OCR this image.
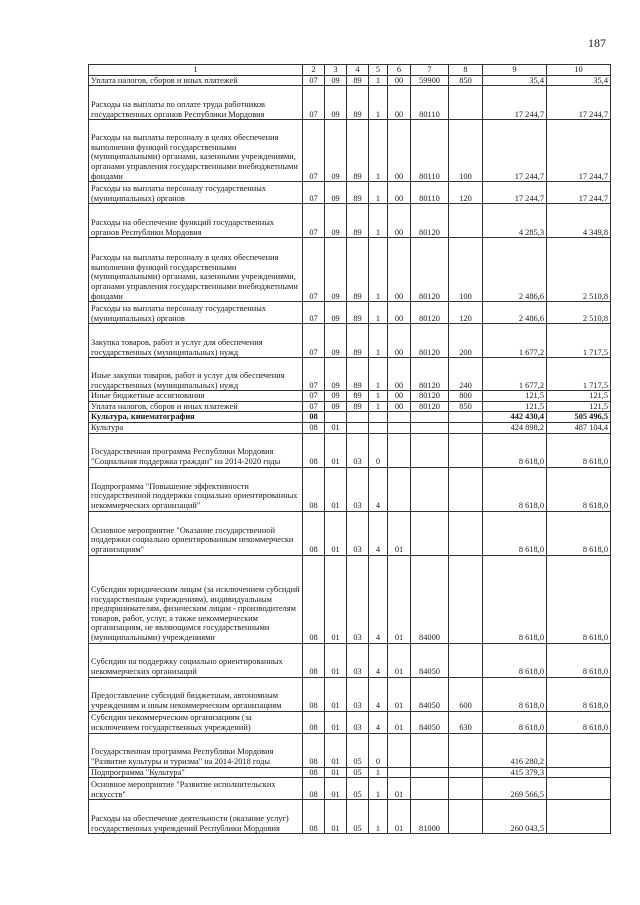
187
1	2	3	4	5	6	7	8	9	10
Уплата налогов, сборов и иных платежей	07	09	89	1	00	59900	850	35,4	35,4
Расходы на выплаты по оплате труда работников государственных органов Республики Мордовия	07	09	89	1	00	80110		17 244,7	17 244,7
Расходы на выплаты персоналу в целях обеспечения выполнения функций государственными (муниципальными) органами, казенными учреждениями, органами управления государственными внебюджетными фондами	07	09	89	1	00	80110	100	17 244,7	17 244,7
Расходы на выплаты персоналу государственных (муниципальных) органов	07	09	89	1	00	80110	120	17 244,7	17 244,7
Расходы на обеспечение функций государственных органов Республики Мордовия	07	09	89	1	00	80120		4 285,3	4 349,8
Расходы на выплаты персоналу в целях обеспечения выполнения функций государственными (муниципальными) органами, казенными учреждениями, органами управления государственными внебюджетными фондами	07	09	89	1	00	80120	100	2 486,6	2 510,8
Расходы на выплаты персоналу государственных (муниципальных) органов	07	09	89	1	00	80120	120	2 486,6	2 510,8
Закупка товаров, работ и услуг для обеспечения государственных (муниципальных) нужд	07	09	89	1	00	80120	200	1 677,2	1 717,5
Иные закупки товаров, работ и услуг для обеспечения государственных (муниципальных) нужд	07	09	89	1	00	80120	240	1 677,2	1 717,5
Иные бюджетные ассигнования	07	09	89	1	00	80120	800	121,5	121,5
Уплата налогов, сборов и иных платежей	07	09	89	1	00	80120	850	121,5	121,5
Культура, кинематография	08							442 430,4	505 496,5
Культура	08	01						424 898,2	487 104,4
Государственная программа Республики Мордовия "Социальная поддержка граждан" на 2014-2020 годы	08	01	03	0				8 618,0	8 618,0
Подпрограмма "Повышение эффективности государственной поддержки социально ориентированных некоммерческих организаций"	08	01	03	4				8 618,0	8 618,0
Основное мероприятие "Оказание государственной поддержки социально ориентированным некоммерчески организациям"	08	01	03	4	01			8 618,0	8 618,0
Субсидии юридическим лицам (за исключением субсидий государственным учреждениям), индивидуальным предпринимателям, физическим лицам - производителям товаров, работ, услуг, а также некоммерческим организациям, не являющимся государственными (муниципальными) учреждениями	08	01	03	4	01	84000		8 618,0	8 618,0
Субсидии на поддержку социально ориентированных некоммерческих организаций	08	01	03	4	01	84050		8 618,0	8 618,0
Предоставление субсидий бюджетным, автономным учреждениям и иным некоммерческим организациям	08	01	03	4	01	84050	600	8 618,0	8 618,0
Субсидии некоммерческим организациям (за исключением государственных учреждений)	08	01	03	4	01	84050	630	8 618,0	8 618,0
Государственная программа Республики Мордовия "Развитие культуры и туризма" на 2014-2018 годы	08	01	05	0				416 280,2	
Подпрограмма "Культура"	08	01	05	1				415 379,3	
Основное мероприятие "Развитие исполнительских искусств"	08	01	05	1	01			269 566,5	
Расходы на обеспечение деятельности (оказание услуг) государственных учреждений Республики Мордовия	08	01	05	1	01	81000		260 043,5	
